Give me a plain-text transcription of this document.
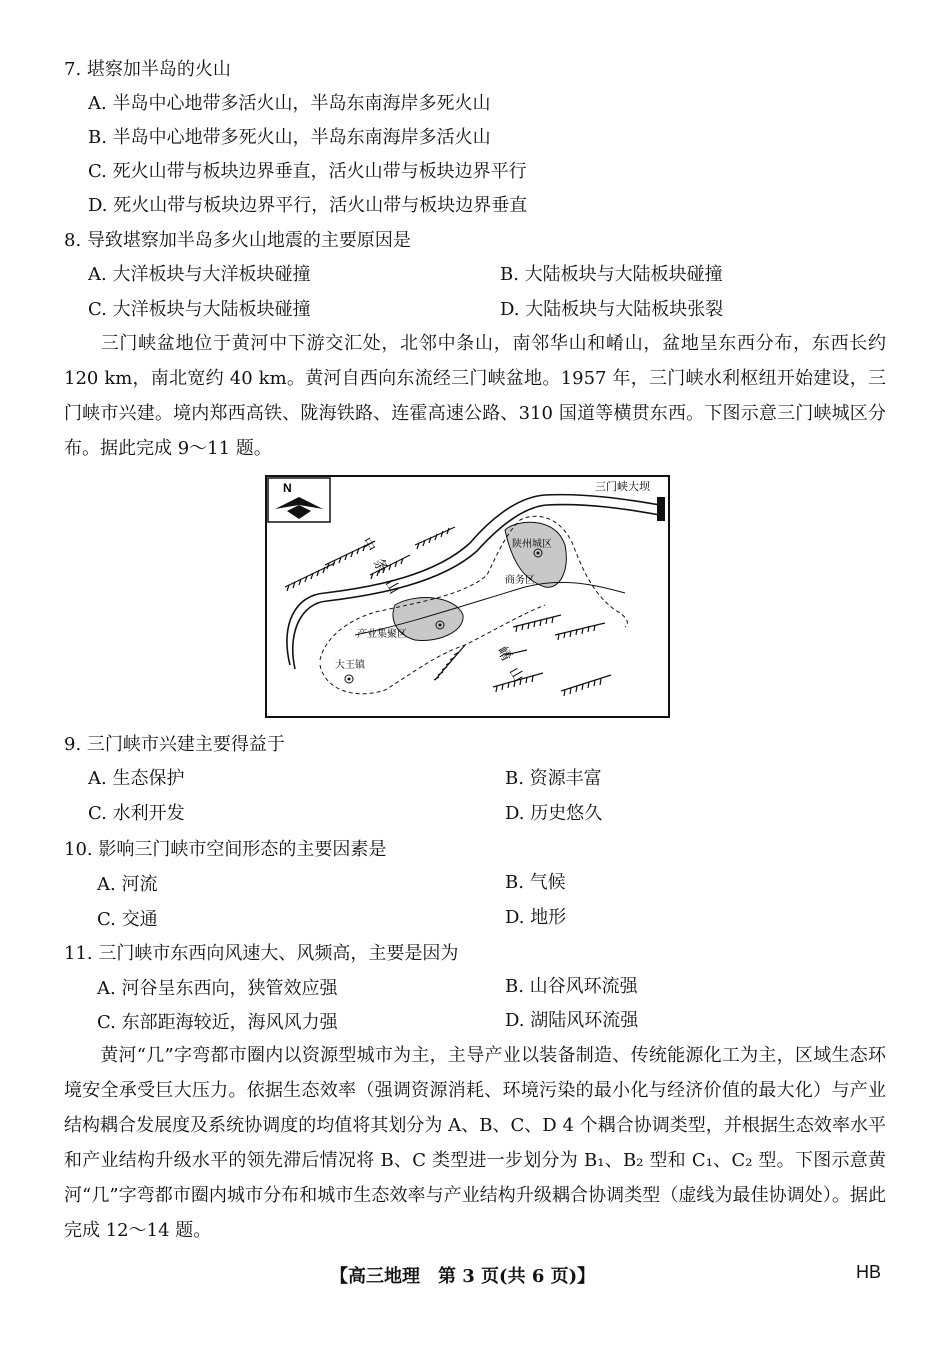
7. 堪察加半岛的火山
A. 半岛中心地带多活火山，半岛东南海岸多死火山
B. 半岛中心地带多死火山，半岛东南海岸多活火山
C. 死火山带与板块边界垂直，活火山带与板块边界平行
D. 死火山带与板块边界平行，活火山带与板块边界垂直
8. 导致堪察加半岛多火山地震的主要原因是
A. 大洋板块与大洋板块碰撞	B. 大陆板块与大陆板块碰撞
C. 大洋板块与大陆板块碰撞	D. 大陆板块与大陆板块张裂
三门峡盆地位于黄河中下游交汇处，北邻中条山，南邻华山和崤山，盆地呈东西分布，东西长约 120 km，南北宽约 40 km。黄河自西向东流经三门峡盆地。1957 年，三门峡水利枢纽开始建设，三门峡市兴建。境内郑西高铁、陇海铁路、连霍高速公路、310 国道等横贯东西。下图示意三门峡城区分布。据此完成 9～11 题。
N	三门峡大坝
陕州城区
商务区
产业集聚区
大王镇
中条山
崤山
9. 三门峡市兴建主要得益于
A. 生态保护	B. 资源丰富
C. 水利开发	D. 历史悠久
10. 影响三门峡市空间形态的主要因素是
A. 河流	B. 气候
C. 交通	D. 地形
11. 三门峡市东西向风速大、风频高，主要是因为
A. 河谷呈东西向，狭管效应强	B. 山谷风环流强
C. 东部距海较近，海风风力强	D. 湖陆风环流强
黄河“几”字弯都市圈内以资源型城市为主，主导产业以装备制造、传统能源化工为主，区域生态环境安全承受巨大压力。依据生态效率（强调资源消耗、环境污染的最小化与经济价值的最大化）与产业结构耦合发展度及系统协调度的均值将其划分为 A、B、C、D 4 个耦合协调类型，并根据生态效率水平和产业结构升级水平的领先滞后情况将 B、C 类型进一步划分为 B₁、B₂ 型和 C₁、C₂ 型。下图示意黄河“几”字弯都市圈内城市分布和城市生态效率与产业结构升级耦合协调类型（虚线为最佳协调处）。据此完成 12～14 题。
【高三地理　第 3 页(共 6 页)】	HB
